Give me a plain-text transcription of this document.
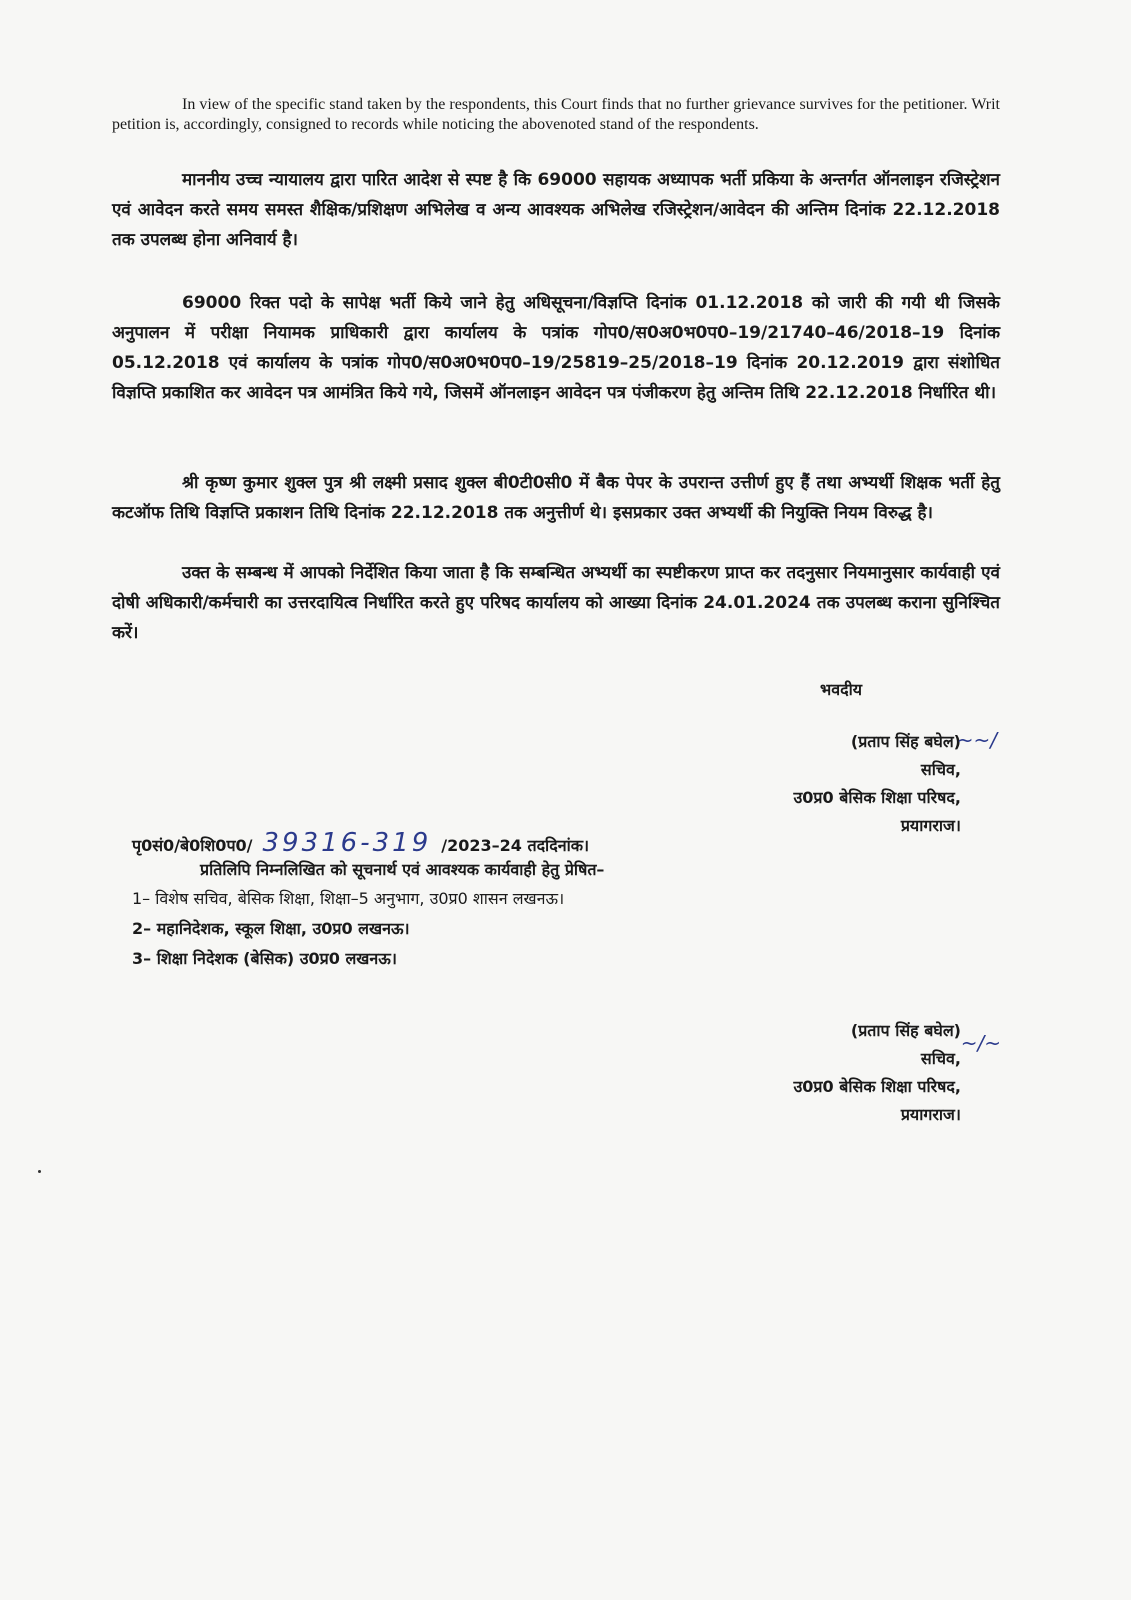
In view of the specific stand taken by the respondents, this Court finds that no further grievance survives for the petitioner. Writ petition is, accordingly, consigned to records while noticing the abovenoted stand of the respondents.
माननीय उच्च न्यायालय द्वारा पारित आदेश से स्पष्ट है कि 69000 सहायक अध्यापक भर्ती प्रकिया के अन्तर्गत ऑनलाइन रजिस्ट्रेशन एवं आवेदन करते समय समस्त शैक्षिक/प्रशिक्षण अभिलेख व अन्य आवश्यक अभिलेख रजिस्ट्रेशन/आवेदन की अन्तिम दिनांक 22.12.2018 तक उपलब्ध होना अनिवार्य है।
69000 रिक्त पदो के सापेक्ष भर्ती किये जाने हेतु अधिसूचना/विज्ञप्ति दिनांक 01.12.2018 को जारी की गयी थी जिसके अनुपालन में परीक्षा नियामक प्राधिकारी द्वारा कार्यालय के पत्रांक गोप0/स0अ0भ0प0–19/21740–46/2018–19 दिनांक 05.12.2018 एवं कार्यालय के पत्रांक गोप0/स0अ0भ0प0–19/25819–25/2018–19 दिनांक 20.12.2019 द्वारा संशोधित विज्ञप्ति प्रकाशित कर आवेदन पत्र आमंत्रित किये गये, जिसमें ऑनलाइन आवेदन पत्र पंजीकरण हेतु अन्तिम तिथि 22.12.2018 निर्धारित थी।
श्री कृष्ण कुमार शुक्ल पुत्र श्री लक्ष्मी प्रसाद शुक्ल बी0टी0सी0 में बैक पेपर के उपरान्त उत्तीर्ण हुए हैं तथा अभ्यर्थी शिक्षक भर्ती हेतु कटऑफ तिथि विज्ञप्ति प्रकाशन तिथि दिनांक 22.12.2018 तक अनुत्तीर्ण थे। इसप्रकार उक्त अभ्यर्थी की नियुक्ति नियम विरुद्ध है।
उक्त के सम्बन्ध में आपको निर्देशित किया जाता है कि सम्बन्धित अभ्यर्थी का स्पष्टीकरण प्राप्त कर तदनुसार नियमानुसार कार्यवाही एवं दोषी अधिकारी/कर्मचारी का उत्तरदायित्व निर्धारित करते हुए परिषद कार्यालय को आख्या दिनांक 24.01.2024 तक उपलब्ध कराना सुनिश्चित करें।
भवदीय
(प्रताप सिंह बघेल)
सचिव,
उ0प्र0 बेसिक शिक्षा परिषद,
प्रयागराज।
~~/
पृ0सं0/बे0शि0प0/ 39316-319 /2023–24 तददिनांक।
प्रतिलिपि निम्नलिखित को सूचनार्थ एवं आवश्यक कार्यवाही हेतु प्रेषित–
1– विशेष सचिव, बेसिक शिक्षा, शिक्षा–5 अनुभाग, उ0प्र0 शासन लखनऊ।
2– महानिदेशक, स्कूल शिक्षा, उ0प्र0 लखनऊ।
3– शिक्षा निदेशक (बेसिक) उ0प्र0 लखनऊ।
(प्रताप सिंह बघेल)
सचिव,
उ0प्र0 बेसिक शिक्षा परिषद,
प्रयागराज।
~/~
